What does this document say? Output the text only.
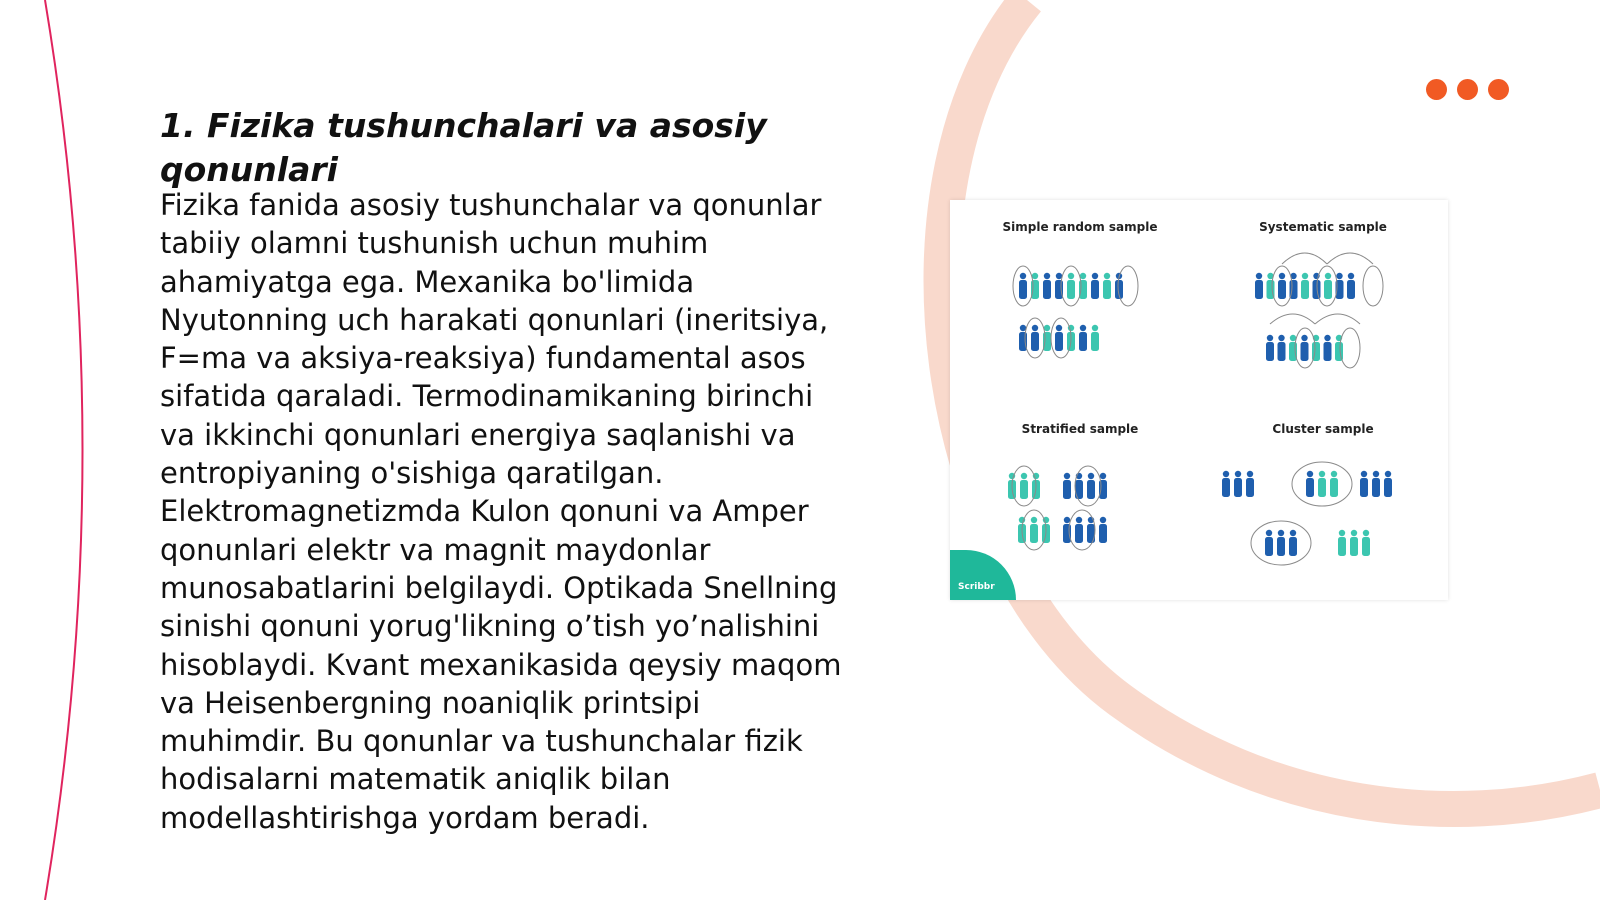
1. Fizika tushunchalari va asosiy qonunlari

Fizika fanida asosiy tushunchalar va qonunlar tabiiy olamni tushunish uchun muhim ahamiyatga ega. Mexanika bo'limida Nyutonning uch harakati qonunlari (ineritsiya, F=ma va aksiya-reaksiya) fundamental asos sifatida qaraladi. Termodinamikaning birinchi va ikkinchi qonunlari energiya saqlanishi va entropiyaning o'sishiga qaratilgan. Elektromagnetizmda Kulon qonuni va Amper qonunlari elektr va magnit maydonlar munosabatlarini belgilaydi. Optikada Snellning sinishi qonuni yorug'likning o’tish yo’nalishini hisoblaydi. Kvant mexanikasida qeysiy maqom va Heisenbergning noaniqlik printsipi muhimdir. Bu qonunlar va tushunchalar fizik hodisalarni matematik aniqlik bilan modellashtirishga yordam beradi.

Simple random sample	Systematic sample
Stratified sample	Cluster sample
Scribbr
